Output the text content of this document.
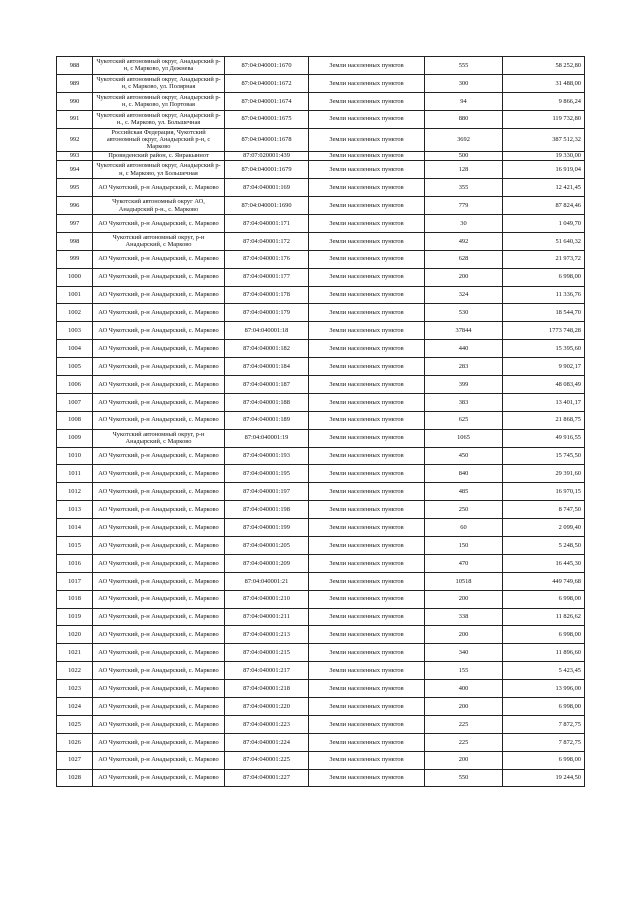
988	Чукотский автономный округ, Анадырский р-н, с Марково, ул Дежнева	87:04:040001:1670	Земли населенных пунктов	555	58 252,80
989	Чукотский автономный округ, Анадырский р-н, с Марково, ул. Полярная	87:04:040001:1672	Земли населенных пунктов	300	31 488,00
990	Чукотский автономный округ, Анадырский р-н, с. Марково, ул Портовая	87:04:040001:1674	Земли населенных пунктов	94	9 866,24
991	Чукотский автономный округ, Анадырский р-н., с. Марково, ул. Большечная	87:04:040001:1675	Земли населенных пунктов	880	119 732,80
992	Российская Федерация, Чукотский автономный округ, Анадырский р-н, с Марково	87:04:040001:1678	Земли населенных пунктов	3692	387 512,32
993	Провиденский район, с. Янракыннот	87:07:020001:439	Земли населенных пунктов	500	19 330,00
994	Чукотский автономный округ, Анадырский р-н, с Марково, ул Большечная	87:04:040001:1679	Земли населенных пунктов	128	16 919,04
995	АО Чукотский, р-н Анадырский, с. Марково	87:04:040001:169	Земли населенных пунктов	355	12 421,45
996	Чукотский автономный округ АО, Анадырский р-н., с. Марково	87:04:040001:1690	Земли населенных пунктов	779	87 824,46
997	АО Чукотский, р-н Анадырский, с. Марково	87:04:040001:171	Земли населенных пунктов	30	1 049,70
998	Чукотский автономный округ, р-н Анадырский, с Марково	87:04:040001:172	Земли населенных пунктов	492	51 640,32
999	АО Чукотский, р-н Анадырский, с. Марково	87:04:040001:176	Земли населенных пунктов	628	21 973,72
1000	АО Чукотский, р-н Анадырский, с. Марково	87:04:040001:177	Земли населенных пунктов	200	6 998,00
1001	АО Чукотский, р-н Анадырский, с. Марково	87:04:040001:178	Земли населенных пунктов	324	11 336,76
1002	АО Чукотский, р-н Анадырский, с. Марково	87:04:040001:179	Земли населенных пунктов	530	18 544,70
1003	АО Чукотский, р-н Анадырский, с. Марково	87:04:040001:18	Земли населенных пунктов	37844	1773 748,28
1004	АО Чукотский, р-н Анадырский, с. Марково	87:04:040001:182	Земли населенных пунктов	440	15 395,60
1005	АО Чукотский, р-н Анадырский, с. Марково	87:04:040001:184	Земли населенных пунктов	283	9 902,17
1006	АО Чукотский, р-н Анадырский, с. Марково	87:04:040001:187	Земли населенных пунктов	399	48 083,49
1007	АО Чукотский, р-н Анадырский, с. Марково	87:04:040001:188	Земли населенных пунктов	383	13 401,17
1008	АО Чукотский, р-н Анадырский, с. Марково	87:04:040001:189	Земли населенных пунктов	625	21 868,75
1009	Чукотский автономный округ, р-н Анадырский, с Марково	87:04:040001:19	Земли населенных пунктов	1065	49 916,55
1010	АО Чукотский, р-н Анадырский, с. Марково	87:04:040001:193	Земли населенных пунктов	450	15 745,50
1011	АО Чукотский, р-н Анадырский, с. Марково	87:04:040001:195	Земли населенных пунктов	840	29 391,60
1012	АО Чукотский, р-н Анадырский, с. Марково	87:04:040001:197	Земли населенных пунктов	485	16 970,15
1013	АО Чукотский, р-н Анадырский, с. Марково	87:04:040001:198	Земли населенных пунктов	250	8 747,50
1014	АО Чукотский, р-н Анадырский, с. Марково	87:04:040001:199	Земли населенных пунктов	60	2 099,40
1015	АО Чукотский, р-н Анадырский, с. Марково	87:04:040001:205	Земли населенных пунктов	150	5 248,50
1016	АО Чукотский, р-н Анадырский, с. Марково	87:04:040001:209	Земли населенных пунктов	470	16 445,30
1017	АО Чукотский, р-н Анадырский, с. Марково	87:04:040001:21	Земли населенных пунктов	10518	449 749,68
1018	АО Чукотский, р-н Анадырский, с. Марково	87:04:040001:210	Земли населенных пунктов	200	6 998,00
1019	АО Чукотский, р-н Анадырский, с. Марково	87:04:040001:211	Земли населенных пунктов	338	11 826,62
1020	АО Чукотский, р-н Анадырский, с. Марково	87:04:040001:213	Земли населенных пунктов	200	6 998,00
1021	АО Чукотский, р-н Анадырский, с. Марково	87:04:040001:215	Земли населенных пунктов	340	11 896,60
1022	АО Чукотский, р-н Анадырский, с. Марково	87:04:040001:217	Земли населенных пунктов	155	5 423,45
1023	АО Чукотский, р-н Анадырский, с. Марково	87:04:040001:218	Земли населенных пунктов	400	13 996,00
1024	АО Чукотский, р-н Анадырский, с. Марково	87:04:040001:220	Земли населенных пунктов	200	6 998,00
1025	АО Чукотский, р-н Анадырский, с. Марково	87:04:040001:223	Земли населенных пунктов	225	7 872,75
1026	АО Чукотский, р-н Анадырский, с. Марково	87:04:040001:224	Земли населенных пунктов	225	7 872,75
1027	АО Чукотский, р-н Анадырский, с. Марково	87:04:040001:225	Земли населенных пунктов	200	6 998,00
1028	АО Чукотский, р-н Анадырский, с. Марково	87:04:040001:227	Земли населенных пунктов	550	19 244,50
